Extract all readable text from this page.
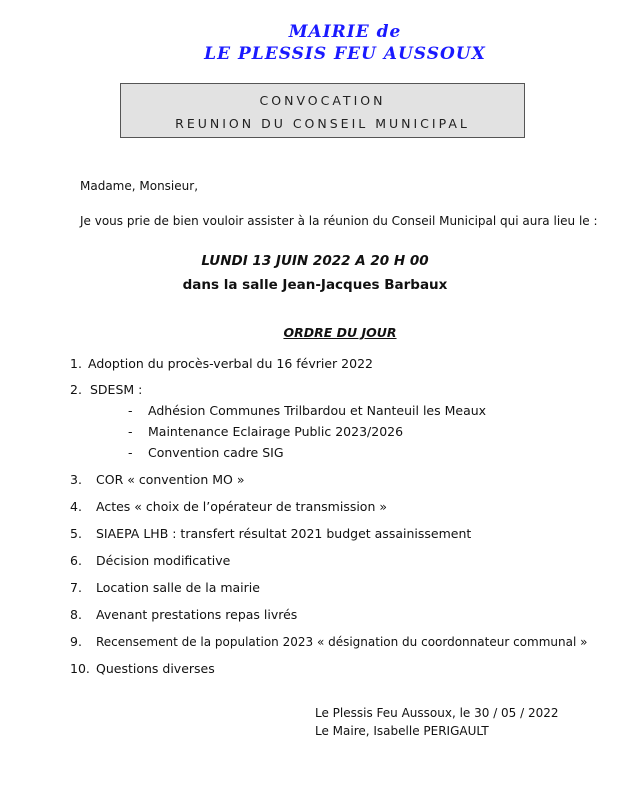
MAIRIE de
LE PLESSIS FEU AUSSOUX
CONVOCATION
REUNION DU CONSEIL MUNICIPAL
Madame, Monsieur,
Je vous prie de bien vouloir assister à la réunion du Conseil Municipal qui aura lieu le :
LUNDI 13 JUIN 2022 A 20 H 00
dans la salle Jean-Jacques Barbaux
ORDRE DU JOUR
1. Adoption du procès-verbal du 16 février 2022
2. SDESM :
- Adhésion Communes Trilbardou et Nanteuil les Meaux
- Maintenance Eclairage Public 2023/2026
- Convention cadre SIG
3. COR « convention MO »
4. Actes « choix de l’opérateur de transmission »
5. SIAEPA LHB : transfert résultat 2021 budget assainissement
6. Décision modificative
7. Location salle de la mairie
8. Avenant prestations repas livrés
9. Recensement de la population 2023 « désignation du coordonnateur communal »
10. Questions diverses
Le Plessis Feu Aussoux, le 30 / 05 / 2022
Le Maire, Isabelle PERIGAULT
